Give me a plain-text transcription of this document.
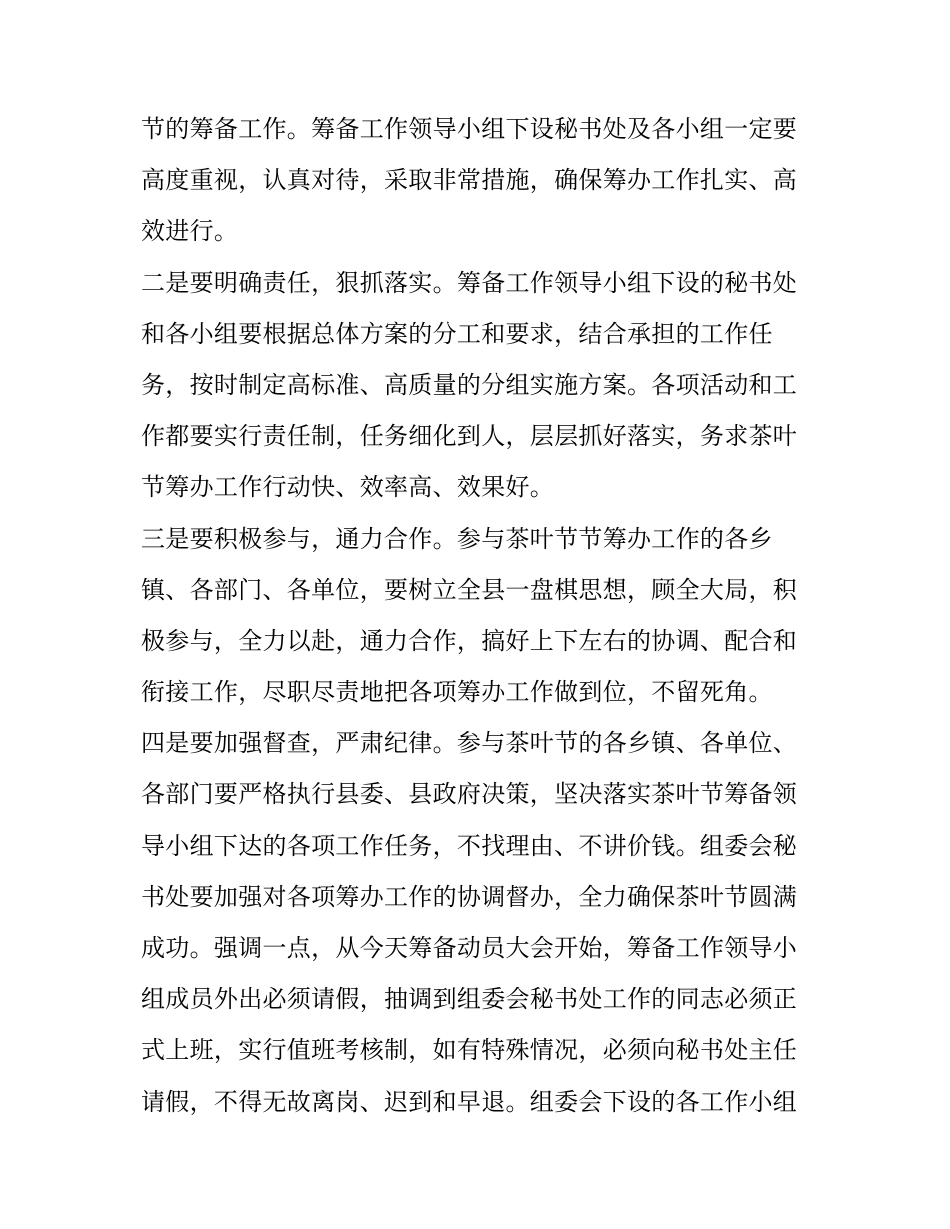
节的筹备工作。筹备工作领导小组下设秘书处及各小组一定要
高度重视，认真对待，采取非常措施，确保筹办工作扎实、高
效进行。
二是要明确责任，狠抓落实。筹备工作领导小组下设的秘书处
和各小组要根据总体方案的分工和要求，结合承担的工作任
务，按时制定高标准、高质量的分组实施方案。各项活动和工
作都要实行责任制，任务细化到人，层层抓好落实，务求茶叶
节筹办工作行动快、效率高、效果好。
三是要积极参与，通力合作。参与茶叶节节筹办工作的各乡
镇、各部门、各单位，要树立全县一盘棋思想，顾全大局，积
极参与，全力以赴，通力合作，搞好上下左右的协调、配合和
衔接工作，尽职尽责地把各项筹办工作做到位，不留死角。
四是要加强督查，严肃纪律。参与茶叶节的各乡镇、各单位、
各部门要严格执行县委、县政府决策，坚决落实茶叶节筹备领
导小组下达的各项工作任务，不找理由、不讲价钱。组委会秘
书处要加强对各项筹办工作的协调督办，全力确保茶叶节圆满
成功。强调一点，从今天筹备动员大会开始，筹备工作领导小
组成员外出必须请假，抽调到组委会秘书处工作的同志必须正
式上班，实行值班考核制，如有特殊情况，必须向秘书处主任
请假，不得无故离岗、迟到和早退。组委会下设的各工作小组
